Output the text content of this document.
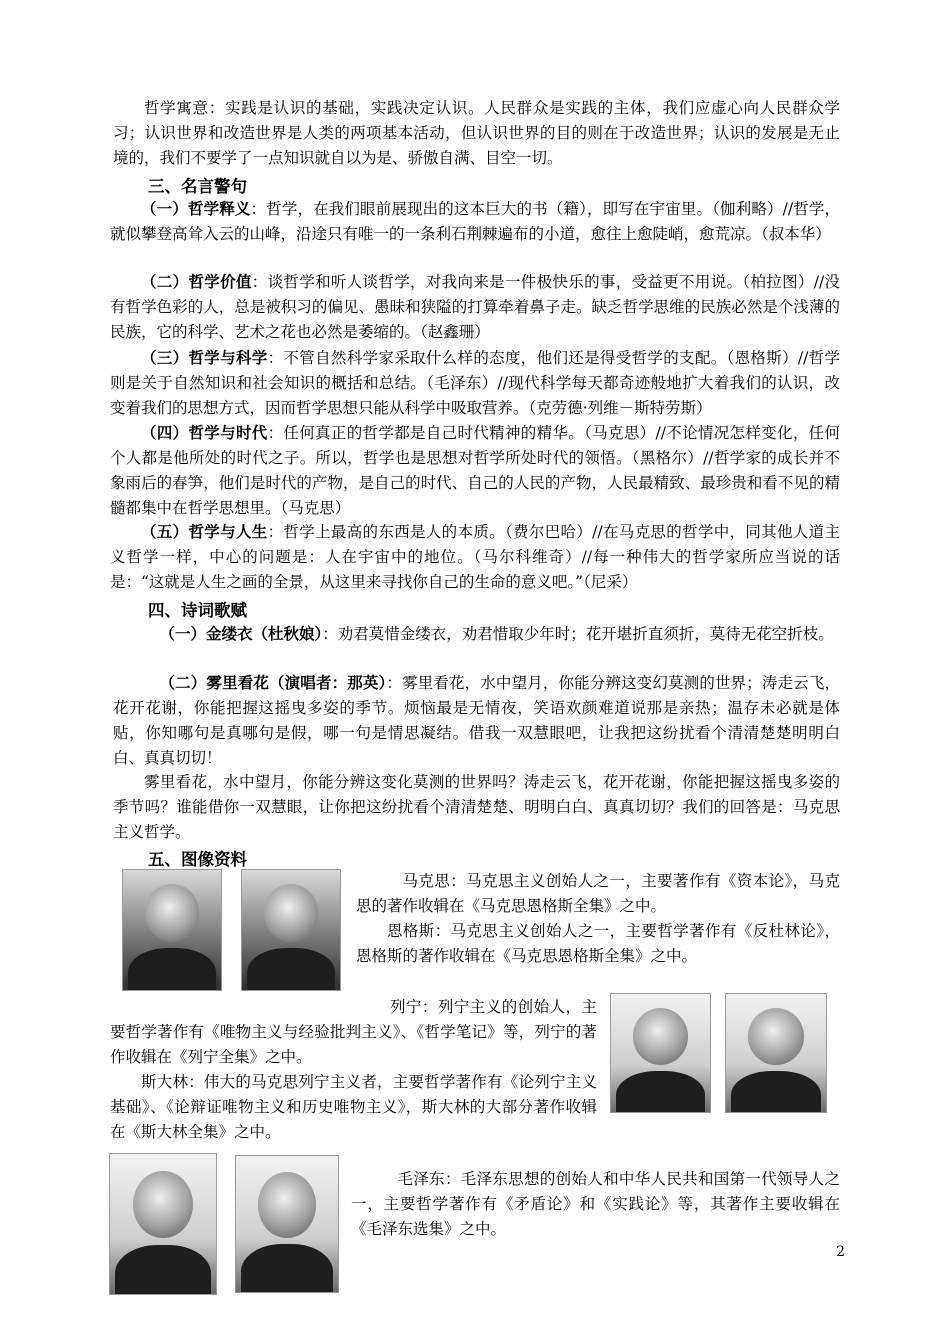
哲学寓意：实践是认识的基础，实践决定认识。人民群众是实践的主体，我们应虚心向人民群众学习；认识世界和改造世界是人类的两项基本活动，但认识世界的目的则在于改造世界；认识的发展是无止境的，我们不要学了一点知识就自以为是、骄傲自满、目空一切。
三、名言警句
（一）哲学释义：哲学，在我们眼前展现出的这本巨大的书（籍），即写在宇宙里。（伽利略）//哲学，就似攀登高耸入云的山峰，沿途只有唯一的一条利石荆棘遍布的小道，愈往上愈陡峭，愈荒凉。（叔本华）
（二）哲学价值：谈哲学和听人谈哲学，对我向来是一件极快乐的事，受益更不用说。（柏拉图）//没有哲学色彩的人，总是被积习的偏见、愚昧和狭隘的打算牵着鼻子走。缺乏哲学思维的民族必然是个浅薄的民族，它的科学、艺术之花也必然是萎缩的。（赵鑫珊）
（三）哲学与科学：不管自然科学家采取什么样的态度，他们还是得受哲学的支配。（恩格斯）//哲学则是关于自然知识和社会知识的概括和总结。（毛泽东）//现代科学每天都奇迹般地扩大着我们的认识，改变着我们的思想方式，因而哲学思想只能从科学中吸取营养。（克劳德·列维－斯特劳斯）
（四）哲学与时代：任何真正的哲学都是自己时代精神的精华。（马克思）//不论情况怎样变化，任何个人都是他所处的时代之子。所以，哲学也是思想对哲学所处时代的领悟。（黑格尔）//哲学家的成长并不象雨后的春笋，他们是时代的产物，是自己的时代、自己的人民的产物，人民最精致、最珍贵和看不见的精髓都集中在哲学思想里。（马克思）
（五）哲学与人生：哲学上最高的东西是人的本质。（费尔巴哈）//在马克思的哲学中，同其他人道主义哲学一样，中心的问题是：人在宇宙中的地位。（马尔科维奇）//每一种伟大的哲学家所应当说的话是：“这就是人生之画的全景，从这里来寻找你自己的生命的意义吧。”（尼采）
四、诗词歌赋
（一）金缕衣（杜秋娘）：劝君莫惜金缕衣，劝君惜取少年时；花开堪折直须折，莫待无花空折枝。
（二）雾里看花（演唱者：那英）：雾里看花，水中望月，你能分辨这变幻莫测的世界；涛走云飞，花开花谢，你能把握这摇曳多姿的季节。烦恼最是无情夜，笑语欢颜难道说那是亲热；温存未必就是体贴，你知哪句是真哪句是假，哪一句是情思凝结。借我一双慧眼吧，让我把这纷扰看个清清楚楚明明白白、真真切切！
雾里看花，水中望月，你能分辨这变化莫测的世界吗？涛走云飞，花开花谢，你能把握这摇曳多姿的季节吗？谁能借你一双慧眼，让你把这纷扰看个清清楚楚、明明白白、真真切切？我们的回答是：马克思主义哲学。
五、图像资料
马克思：马克思主义创始人之一，主要著作有《资本论》，马克思的著作收辑在《马克思恩格斯全集》之中。
恩格斯：马克思主义创始人之一，主要哲学著作有《反杜林论》，恩格斯的著作收辑在《马克思恩格斯全集》之中。
列宁：列宁主义的创始人，主要哲学著作有《唯物主义与经验批判主义》、《哲学笔记》等，列宁的著作收辑在《列宁全集》之中。
斯大林：伟大的马克思列宁主义者，主要哲学著作有《论列宁主义基础》、《论辩证唯物主义和历史唯物主义》，斯大林的大部分著作收辑在《斯大林全集》之中。
毛泽东：毛泽东思想的创始人和中华人民共和国第一代领导人之一，主要哲学著作有《矛盾论》和《实践论》等，其著作主要收辑在《毛泽东选集》之中。
2
